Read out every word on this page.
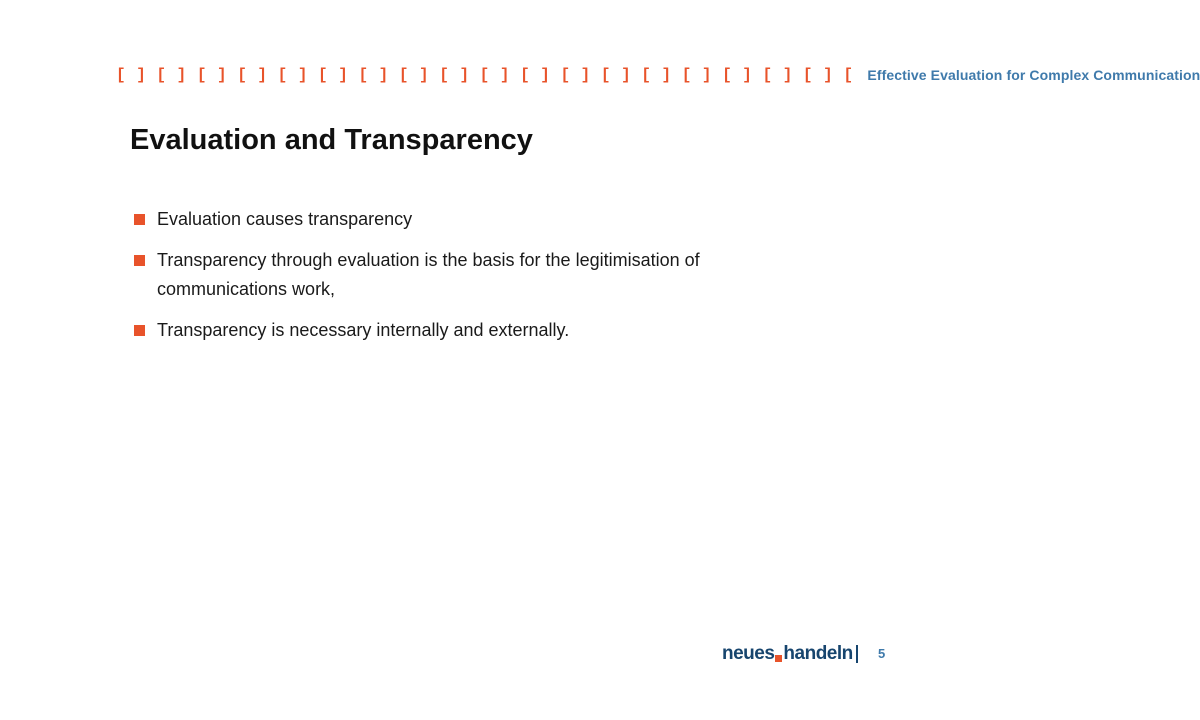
[ ] [ ] [ ] [ ] [ ] [ ] [ ] [ ] [ ] [ ] [ ] [ ] [ ] [ ] [ ] [ ] [ ] [ ] [ Effective Evaluation for Complex Communication
Evaluation and Transparency
Evaluation causes transparency
Transparency through evaluation is the basis for the legitimisation of communications work,
Transparency is necessary internally and externally.
neues handeln 5
